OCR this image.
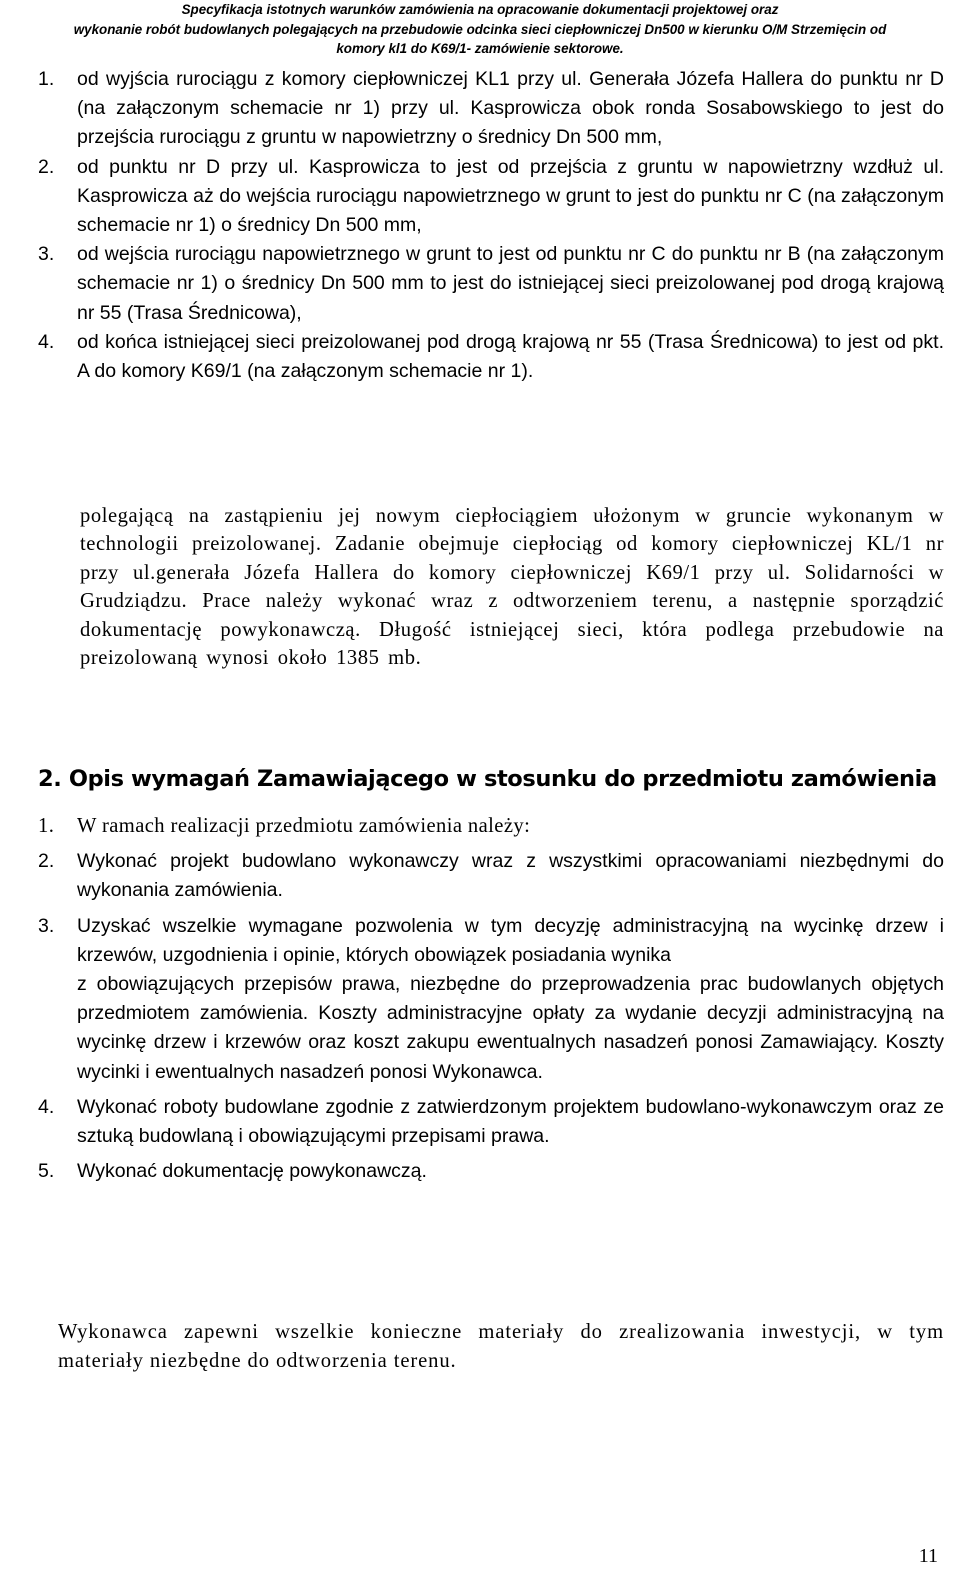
Specyfikacja istotnych warunków zamówienia na opracowanie dokumentacji projektowej oraz
wykonanie robót budowlanych polegających na przebudowie odcinka sieci ciepłowniczej Dn500 w kierunku O/M Strzemięcin od
komory kl1 do K69/1- zamówienie sektorowe.
1. od wyjścia rurociągu z komory ciepłowniczej KL1 przy ul. Generała Józefa Hallera do punktu nr D (na załączonym schemacie nr 1) przy ul. Kasprowicza obok ronda Sosabowskiego to jest do przejścia rurociągu z gruntu w napowietrzny o średnicy Dn 500 mm,
2. od punktu nr D przy ul. Kasprowicza to jest od przejścia z gruntu w napowietrzny wzdłuż ul. Kasprowicza aż do wejścia rurociągu napowietrznego w grunt to jest do punktu nr C (na załączonym schemacie nr 1) o średnicy Dn 500 mm,
3. od wejścia rurociągu napowietrznego w grunt to jest od punktu nr C do punktu nr B (na załączonym schemacie nr 1) o średnicy Dn 500 mm to jest do istniejącej sieci preizolowanej pod drogą krajową nr 55 (Trasa Średnicowa),
4. od końca istniejącej sieci preizolowanej pod drogą krajową nr 55 (Trasa Średnicowa) to jest od pkt. A do komory K69/1 (na załączonym schemacie nr 1).
polegającą na zastąpieniu jej nowym ciepłociągiem ułożonym w gruncie wykonanym w technologii preizolowanej. Zadanie obejmuje ciepłociąg od komory ciepłowniczej KL/1 nr przy ul.generała Józefa Hallera do komory ciepłowniczej K69/1 przy ul. Solidarności w Grudziądzu. Prace należy wykonać wraz z odtworzeniem terenu, a następnie sporządzić dokumentację powykonawczą. Długość istniejącej sieci, która podlega przebudowie na preizolowaną wynosi około 1385 mb.
2. Opis wymagań Zamawiającego w stosunku do przedmiotu zamówienia
1. W ramach realizacji przedmiotu zamówienia należy:
2. Wykonać projekt budowlano wykonawczy wraz z wszystkimi opracowaniami niezbędnymi do wykonania zamówienia.
3. Uzyskać wszelkie wymagane pozwolenia w tym decyzję administracyjną na wycinkę drzew i krzewów, uzgodnienia i opinie, których obowiązek posiadania wynika
z obowiązujących przepisów prawa, niezbędne do przeprowadzenia prac budowlanych objętych przedmiotem zamówienia. Koszty administracyjne opłaty za wydanie decyzji administracyjną na wycinkę drzew i krzewów oraz koszt zakupu ewentualnych nasadzeń ponosi Zamawiający. Koszty wycinki i ewentualnych nasadzeń ponosi Wykonawca.
4. Wykonać roboty budowlane zgodnie z zatwierdzonym projektem budowlano-wykonawczym oraz ze sztuką budowlaną i obowiązującymi przepisami prawa.
5. Wykonać dokumentację powykonawczą.
Wykonawca zapewni wszelkie konieczne materiały do zrealizowania inwestycji, w tym materiały niezbędne do odtworzenia terenu.
11
